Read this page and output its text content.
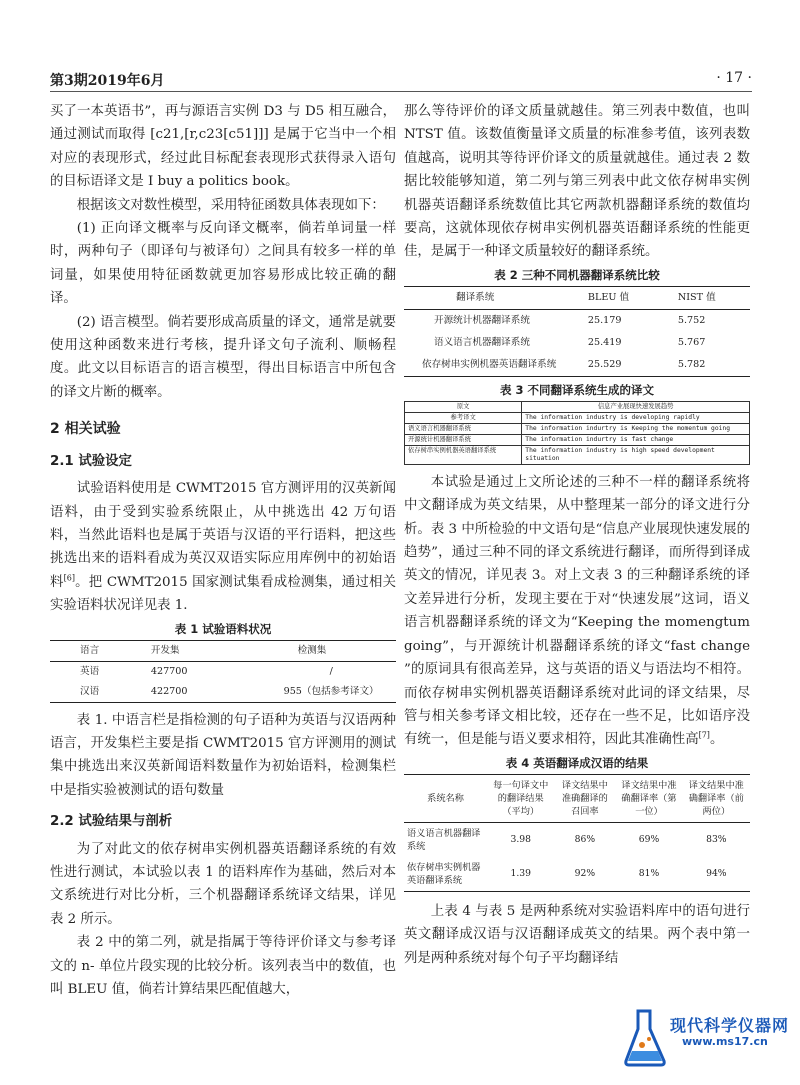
第3期2019年6月	· 17 ·

买了一本英语书”，再与源语言实例 D3 与 D5 相互融合，通过测试而取得 [c21,[r,c23[c51]]] 是属于它当中一个相对应的表现形式，经过此目标配套表现形式获得录入语句的目标语译文是 I buy a politics book。

根据该文对数性模型，采用特征函数具体表现如下：

(1) 正向译文概率与反向译文概率，倘若单词量一样时，两种句子（即译句与被译句）之间具有较多一样的单词量，如果使用特征函数就更加容易形成比较正确的翻译。

(2) 语言模型。倘若要形成高质量的译文，通常是就要使用这种函数来进行考核，提升译文句子流利、顺畅程度。此文以目标语言的语言模型，得出目标语言中所包含的译文片断的概率。

2 相关试验
2.1 试验设定

试验语料使用是 CWMT2015 官方测评用的汉英新闻语料，由于受到实验系统限止，从中挑选出 42 万句语料，当然此语料也是属于英语与汉语的平行语料，把这些挑选出来的语料看成为英汉双语实际应用库例中的初始语料[6]。把 CWMT2015 国家测试集看成检测集，通过相关实验语料状况详见表 1.

表 1 试验语料状况
语言	开发集	检测集
英语	427700	/
汉语	422700	955（包括参考译文）

表 1. 中语言栏是指检测的句子语种为英语与汉语两种语言，开发集栏主要是指 CWMT2015 官方评测用的测试集中挑选出来汉英新闻语料数量作为初始语料，检测集栏中是指实验被测试的语句数量

2.2 试验结果与剖析

为了对此文的依存树串实例机器英语翻译系统的有效性进行测试，本试验以表 1 的语料库作为基础，然后对本文系统进行对比分析，三个机器翻译系统译文结果，详见表 2 所示。

表 2 中的第二列，就是指属于等待评价译文与参考译文的 n- 单位片段实现的比较分析。该列表当中的数值，也叫 BLEU 值，倘若计算结果匹配值越大，

那么等待评价的译文质量就越佳。第三列表中数值，也叫 NTST 值。该数值衡量译文质量的标准参考值，该列表数值越高，说明其等待评价译文的质量就越佳。通过表 2 数据比较能够知道，第二列与第三列表中此文依存树串实例机器英语翻译系统数值比其它两款机器翻译系统的数值均要高，这就体现依存树串实例机器英语翻译系统的性能更佳，是属于一种译文质量较好的翻译系统。

表 2 三种不同机器翻译系统比较
翻译系统	BLEU 值	NIST 值
开源统计机器翻译系统	25.179	5.752
语义语言机器翻译系统	25.419	5.767
依存树串实例机器英语翻译系统	25.529	5.782
表 3 不同翻译系统生成的译文
原文	信息产业展现快速发展趋势
参考译文	The information industry is developing rapidly
语义语言机器翻译系统	The information indurtry is Keeping the momentum going
开源统计机器翻译系统	The information indurtry is fast change
依存树串实例机器英语翻译系统	The information industry is high speed development situation

本试验是通过上文所论述的三种不一样的翻译系统将中文翻译成为英文结果，从中整理某一部分的译文进行分析。表 3 中所检验的中文语句是“信息产业展现快速发展的趋势”，通过三种不同的译文系统进行翻译，而所得到译成英文的情况，详见表 3。对上文表 3 的三种翻译系统的译文差异进行分析，发现主要在于对“快速发展”这词，语义语言机器翻译系统的译文为“Keeping the momengtum going”，与开源统计机器翻译系统的译文“fast change ”的原词具有很高差异，这与英语的语义与语法均不相符。而依存树串实例机器英语翻译系统对此词的译文结果，尽管与相关参考译文相比较，还存在一些不足，比如语序没有统一，但是能与语义要求相符，因此其准确性高[7]。

表 4 英语翻译成汉语的结果
系统名称	每一句译文中的翻译结果（平均）	译文结果中准确翻译的召回率	译文结果中准确翻译率（第一位）	译文结果中准确翻译率（前两位）
语义语言机器翻译系统	3.98	86%	69%	83%
依存树串实例机器英语翻译系统	1.39	92%	81%	94%

上表 4 与表 5 是两种系统对实验语料库中的语句进行英文翻译成汉语与汉语翻译成英文的结果。两个表中第一列是两种系统对每个句子平均翻译结

现代科学仪器网
www.ms17.cn
